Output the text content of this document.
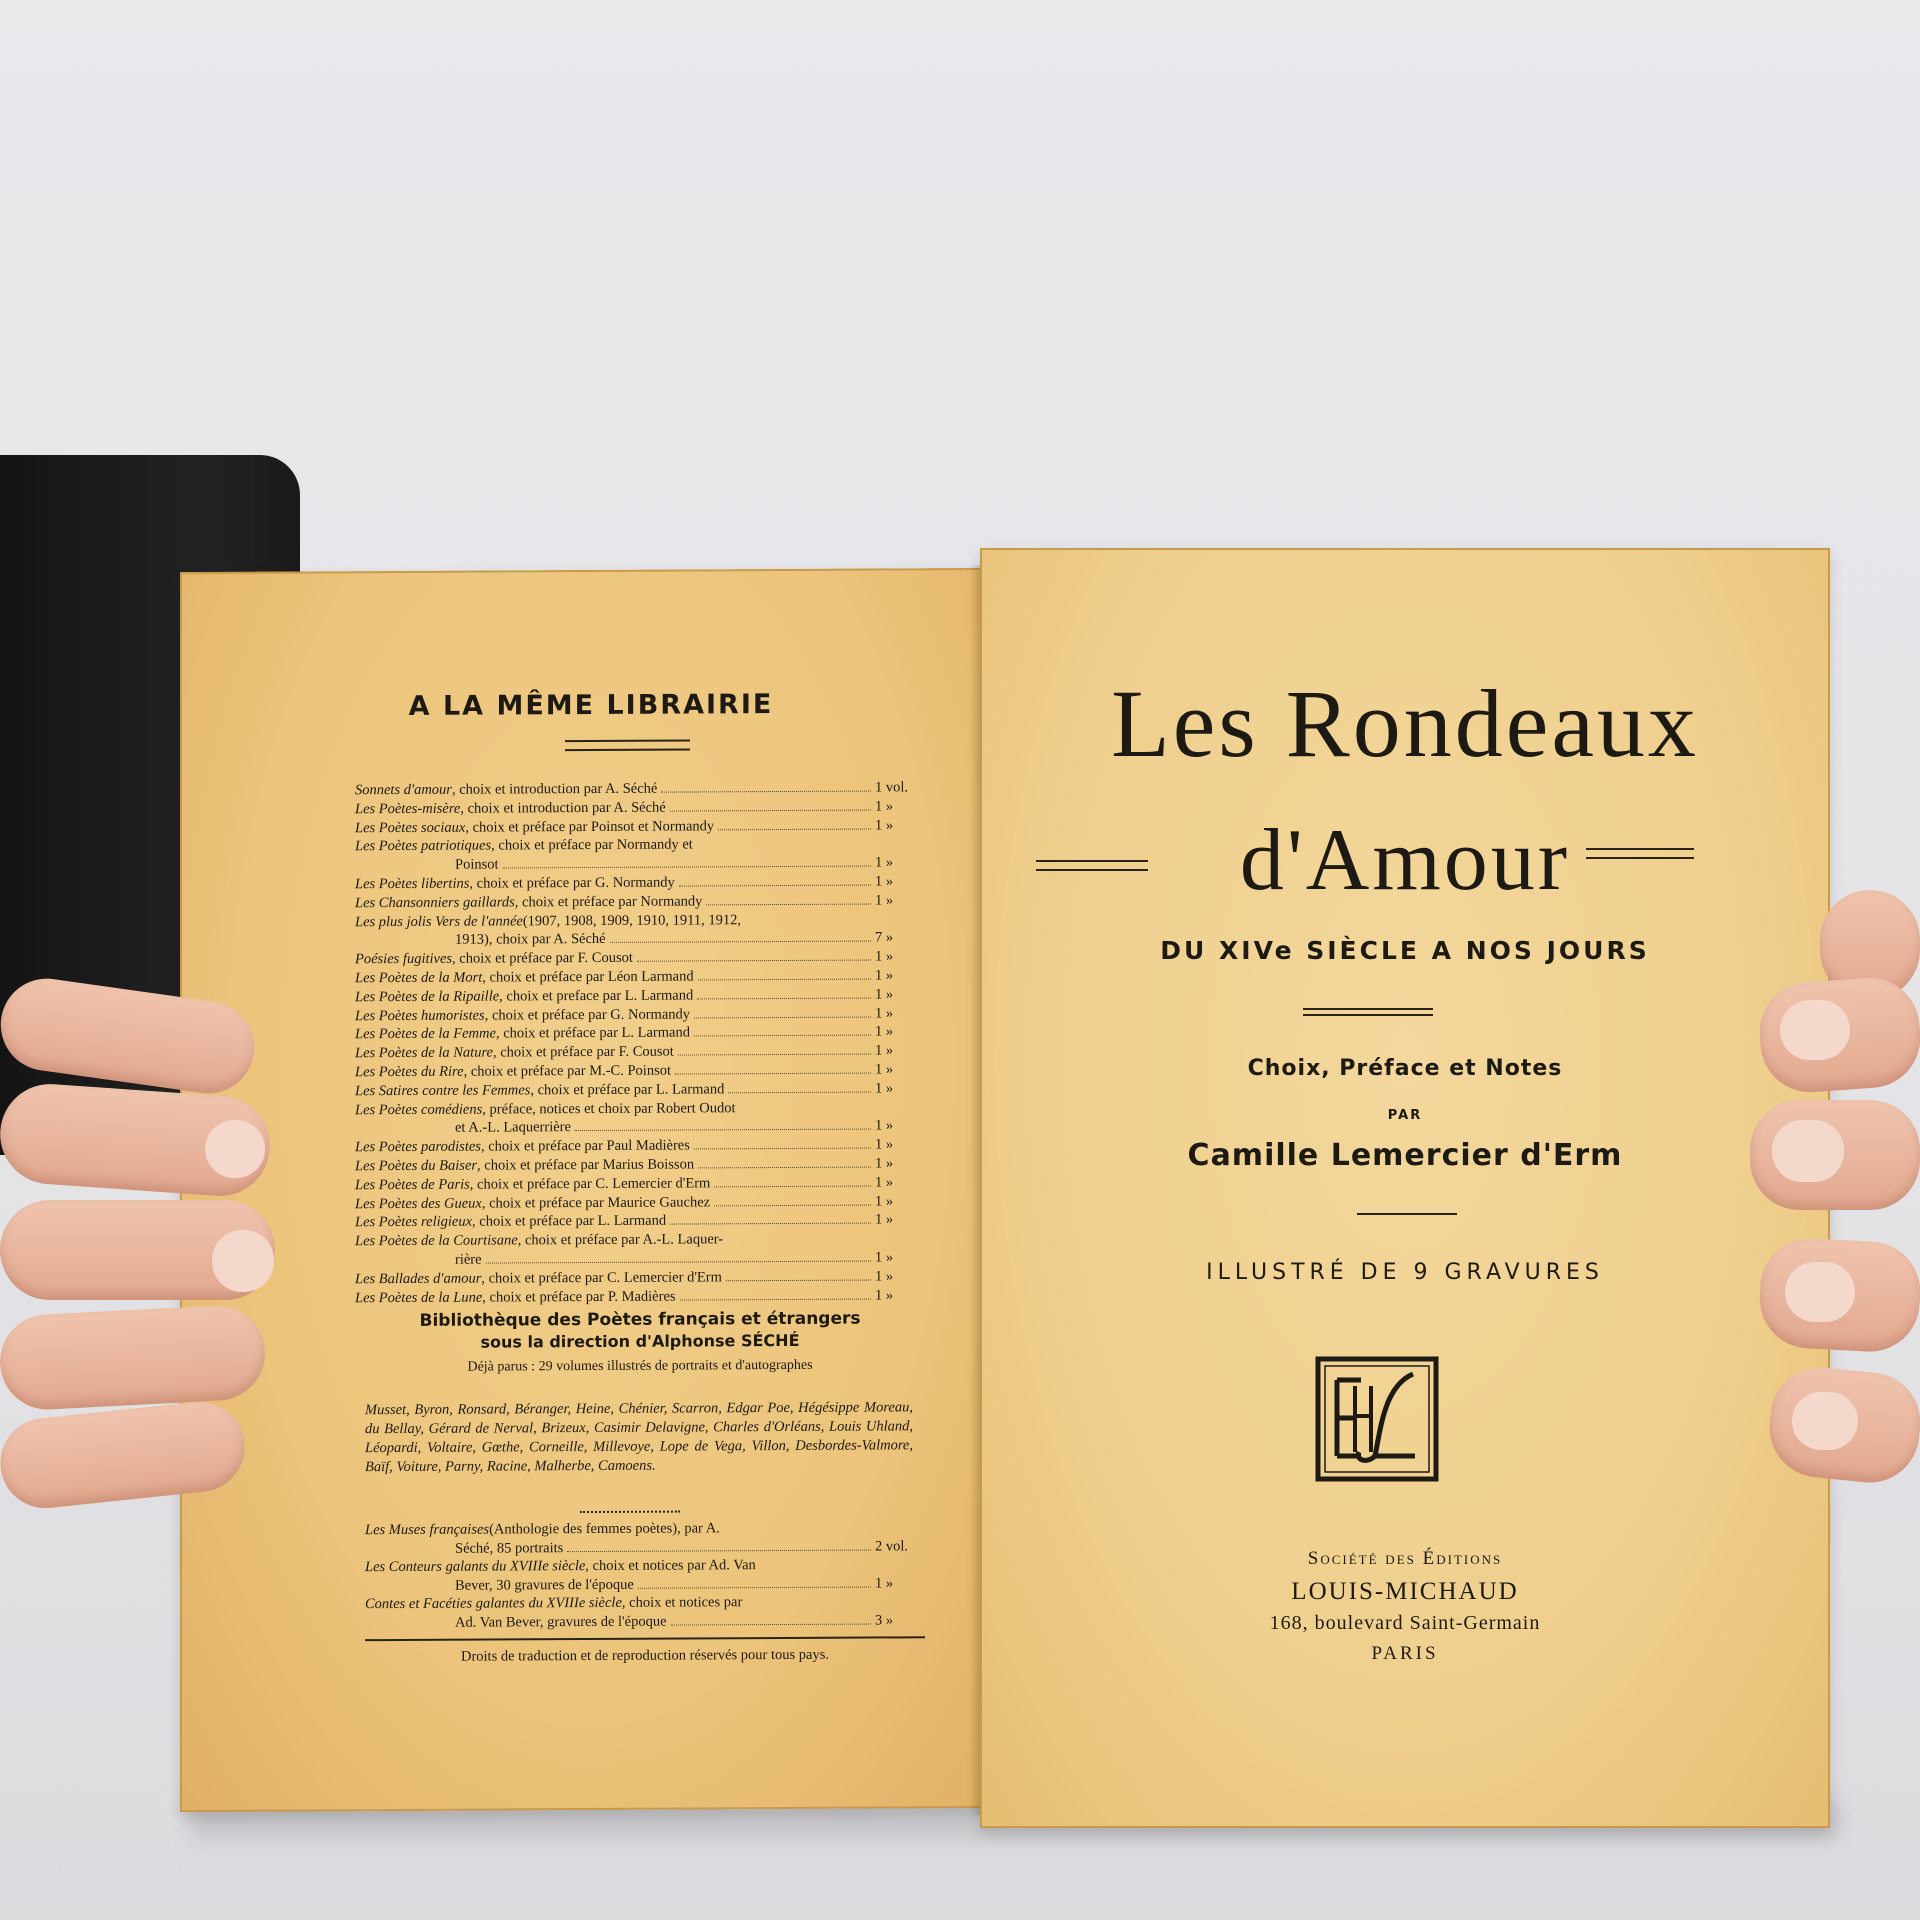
A LA MÊME LIBRAIRIE
Sonnets d'amour , choix et introduction par A. Séché	1 vol.
Les Poètes-misère , choix et introduction par A. Séché	1 »
Les Poètes sociaux , choix et préface par Poinsot et Normandy	1 »
Les Poètes patriotiques , choix et préface par Normandy et
Poinsot	1 »
Les Poètes libertins , choix et préface par G. Normandy	1 »
Les Chansonniers gaillards , choix et préface par Normandy	1 »
Les plus jolis Vers de l'année (1907, 1908, 1909, 1910, 1911, 1912,
1913), choix par A. Séché	7 »
Poésies fugitives , choix et préface par F. Cousot	1 »
Les Poètes de la Mort , choix et préface par Léon Larmand	1 »
Les Poètes de la Ripaille , choix et preface par L. Larmand	1 »
Les Poètes humoristes , choix et préface par G. Normandy	1 »
Les Poètes de la Femme , choix et préface par L. Larmand	1 »
Les Poètes de la Nature , choix et préface par F. Cousot	1 »
Les Poètes du Rire , choix et préface par M.-C. Poinsot	1 »
Les Satires contre les Femmes , choix et préface par L. Larmand	1 »
Les Poètes comédiens , préface, notices et choix par Robert Oudot
et A.-L. Laquerrière	1 »
Les Poètes parodistes , choix et préface par Paul Madières	1 »
Les Poètes du Baiser , choix et préface par Marius Boisson	1 »
Les Poètes de Paris , choix et préface par C. Lemercier d'Erm	1 »
Les Poètes des Gueux , choix et préface par Maurice Gauchez	1 »
Les Poètes religieux , choix et préface par L. Larmand	1 »
Les Poètes de la Courtisane , choix et préface par A.-L. Laquer-
rière	1 »
Les Ballades d'amour , choix et préface par C. Lemercier d'Erm	1 »
Les Poètes de la Lune , choix et préface par P. Madières	1 »
Bibliothèque des Poètes français et étrangers
sous la direction d'Alphonse SÉCHÉ
Déjà parus : 29 volumes illustrés de portraits et d'autographes
Musset, Byron, Ronsard, Béranger, Heine, Chénier, Scarron, Edgar Poe, Hégésippe Moreau, du Bellay, Gérard de Nerval, Brizeux, Casimir Delavigne, Charles d'Orléans, Louis Uhland, Léopardi, Voltaire, Gœthe, Corneille, Millevoye, Lope de Vega, Villon, Desbordes-Valmore, Baïf, Voiture, Parny, Racine, Malherbe, Camoens.
Les Muses françaises (Anthologie des femmes poètes), par A.
Séché, 85 portraits	2 vol.
Les Conteurs galants du XVIIIe siècle , choix et notices par Ad. Van
Bever, 30 gravures de l'époque	1 »
Contes et Facéties galantes du XVIIIe siècle , choix et notices par
Ad. Van Bever, gravures de l'époque	3 »
Droits de traduction et de reproduction réservés pour tous pays.
Les Rondeaux
d'Amour
DU XIVe SIÈCLE A NOS JOURS
Choix, Préface et Notes
PAR
Camille Lemercier d'Erm
ILLUSTRÉ DE 9 GRAVURES
Société des Éditions
LOUIS-MICHAUD
168, boulevard Saint-Germain
PARIS
